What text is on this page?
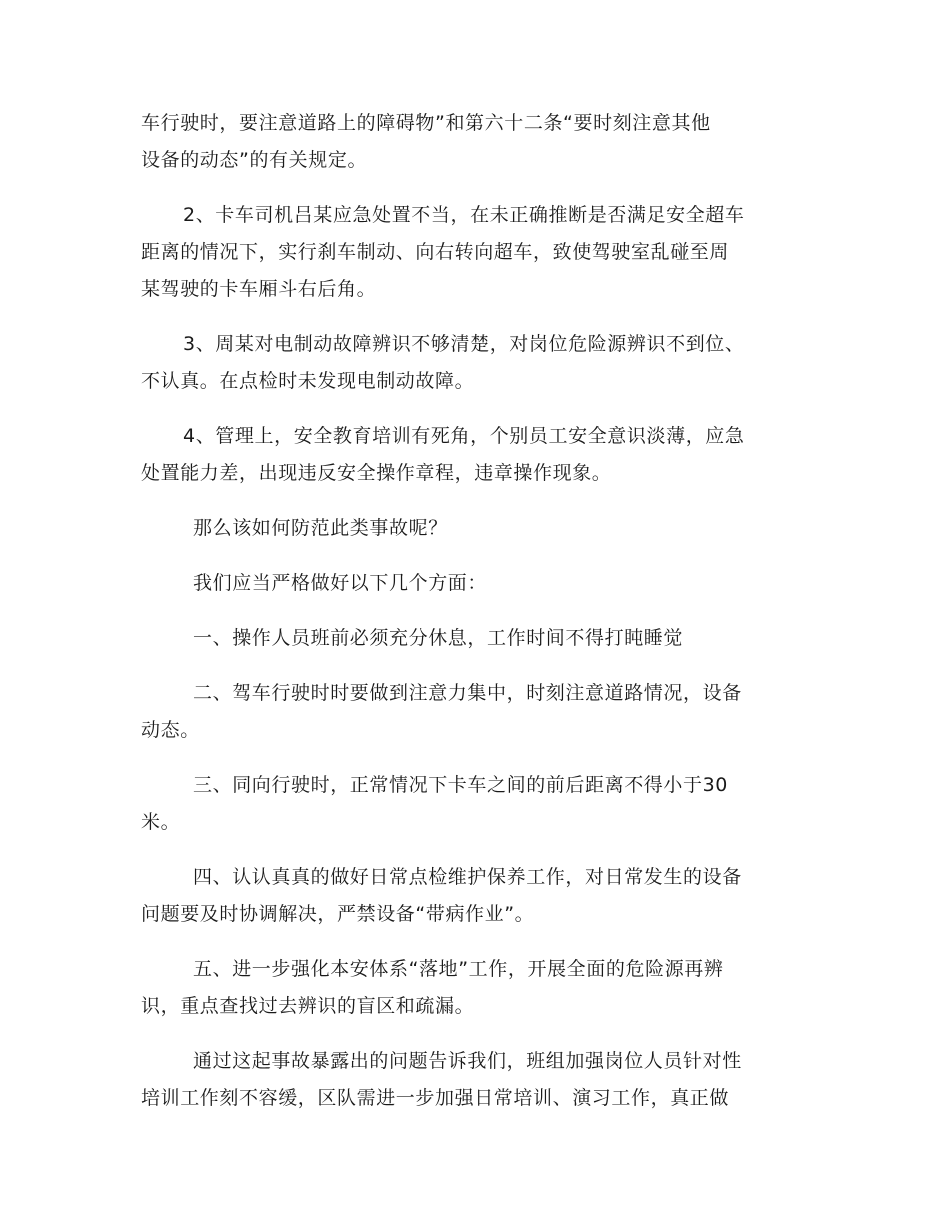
车行驶时，要注意道路上的障碍物”和第六十二条“要时刻注意其他
设备的动态”的有关规定。

2、卡车司机吕某应急处置不当，在未正确推断是否满足安全超车
距离的情况下，实行刹车制动、向右转向超车，致使驾驶室乱碰至周
某驾驶的卡车厢斗右后角。

3、周某对电制动故障辨识不够清楚，对岗位危险源辨识不到位、
不认真。在点检时未发现电制动故障。

4、管理上，安全教育培训有死角，个别员工安全意识淡薄，应急
处置能力差，出现违反安全操作章程，违章操作现象。

那么该如何防范此类事故呢？

我们应当严格做好以下几个方面：

一、操作人员班前必须充分休息，工作时间不得打盹睡觉

二、驾车行驶时时要做到注意力集中，时刻注意道路情况，设备
动态。

三、同向行驶时，正常情况下卡车之间的前后距离不得小于30
米。

四、认认真真的做好日常点检维护保养工作，对日常发生的设备
问题要及时协调解决，严禁设备“带病作业”。

五、进一步强化本安体系“落地”工作，开展全面的危险源再辨
识，重点查找过去辨识的盲区和疏漏。

通过这起事故暴露出的问题告诉我们，班组加强岗位人员针对性
培训工作刻不容缓，区队需进一步加强日常培训、演习工作，真正做
